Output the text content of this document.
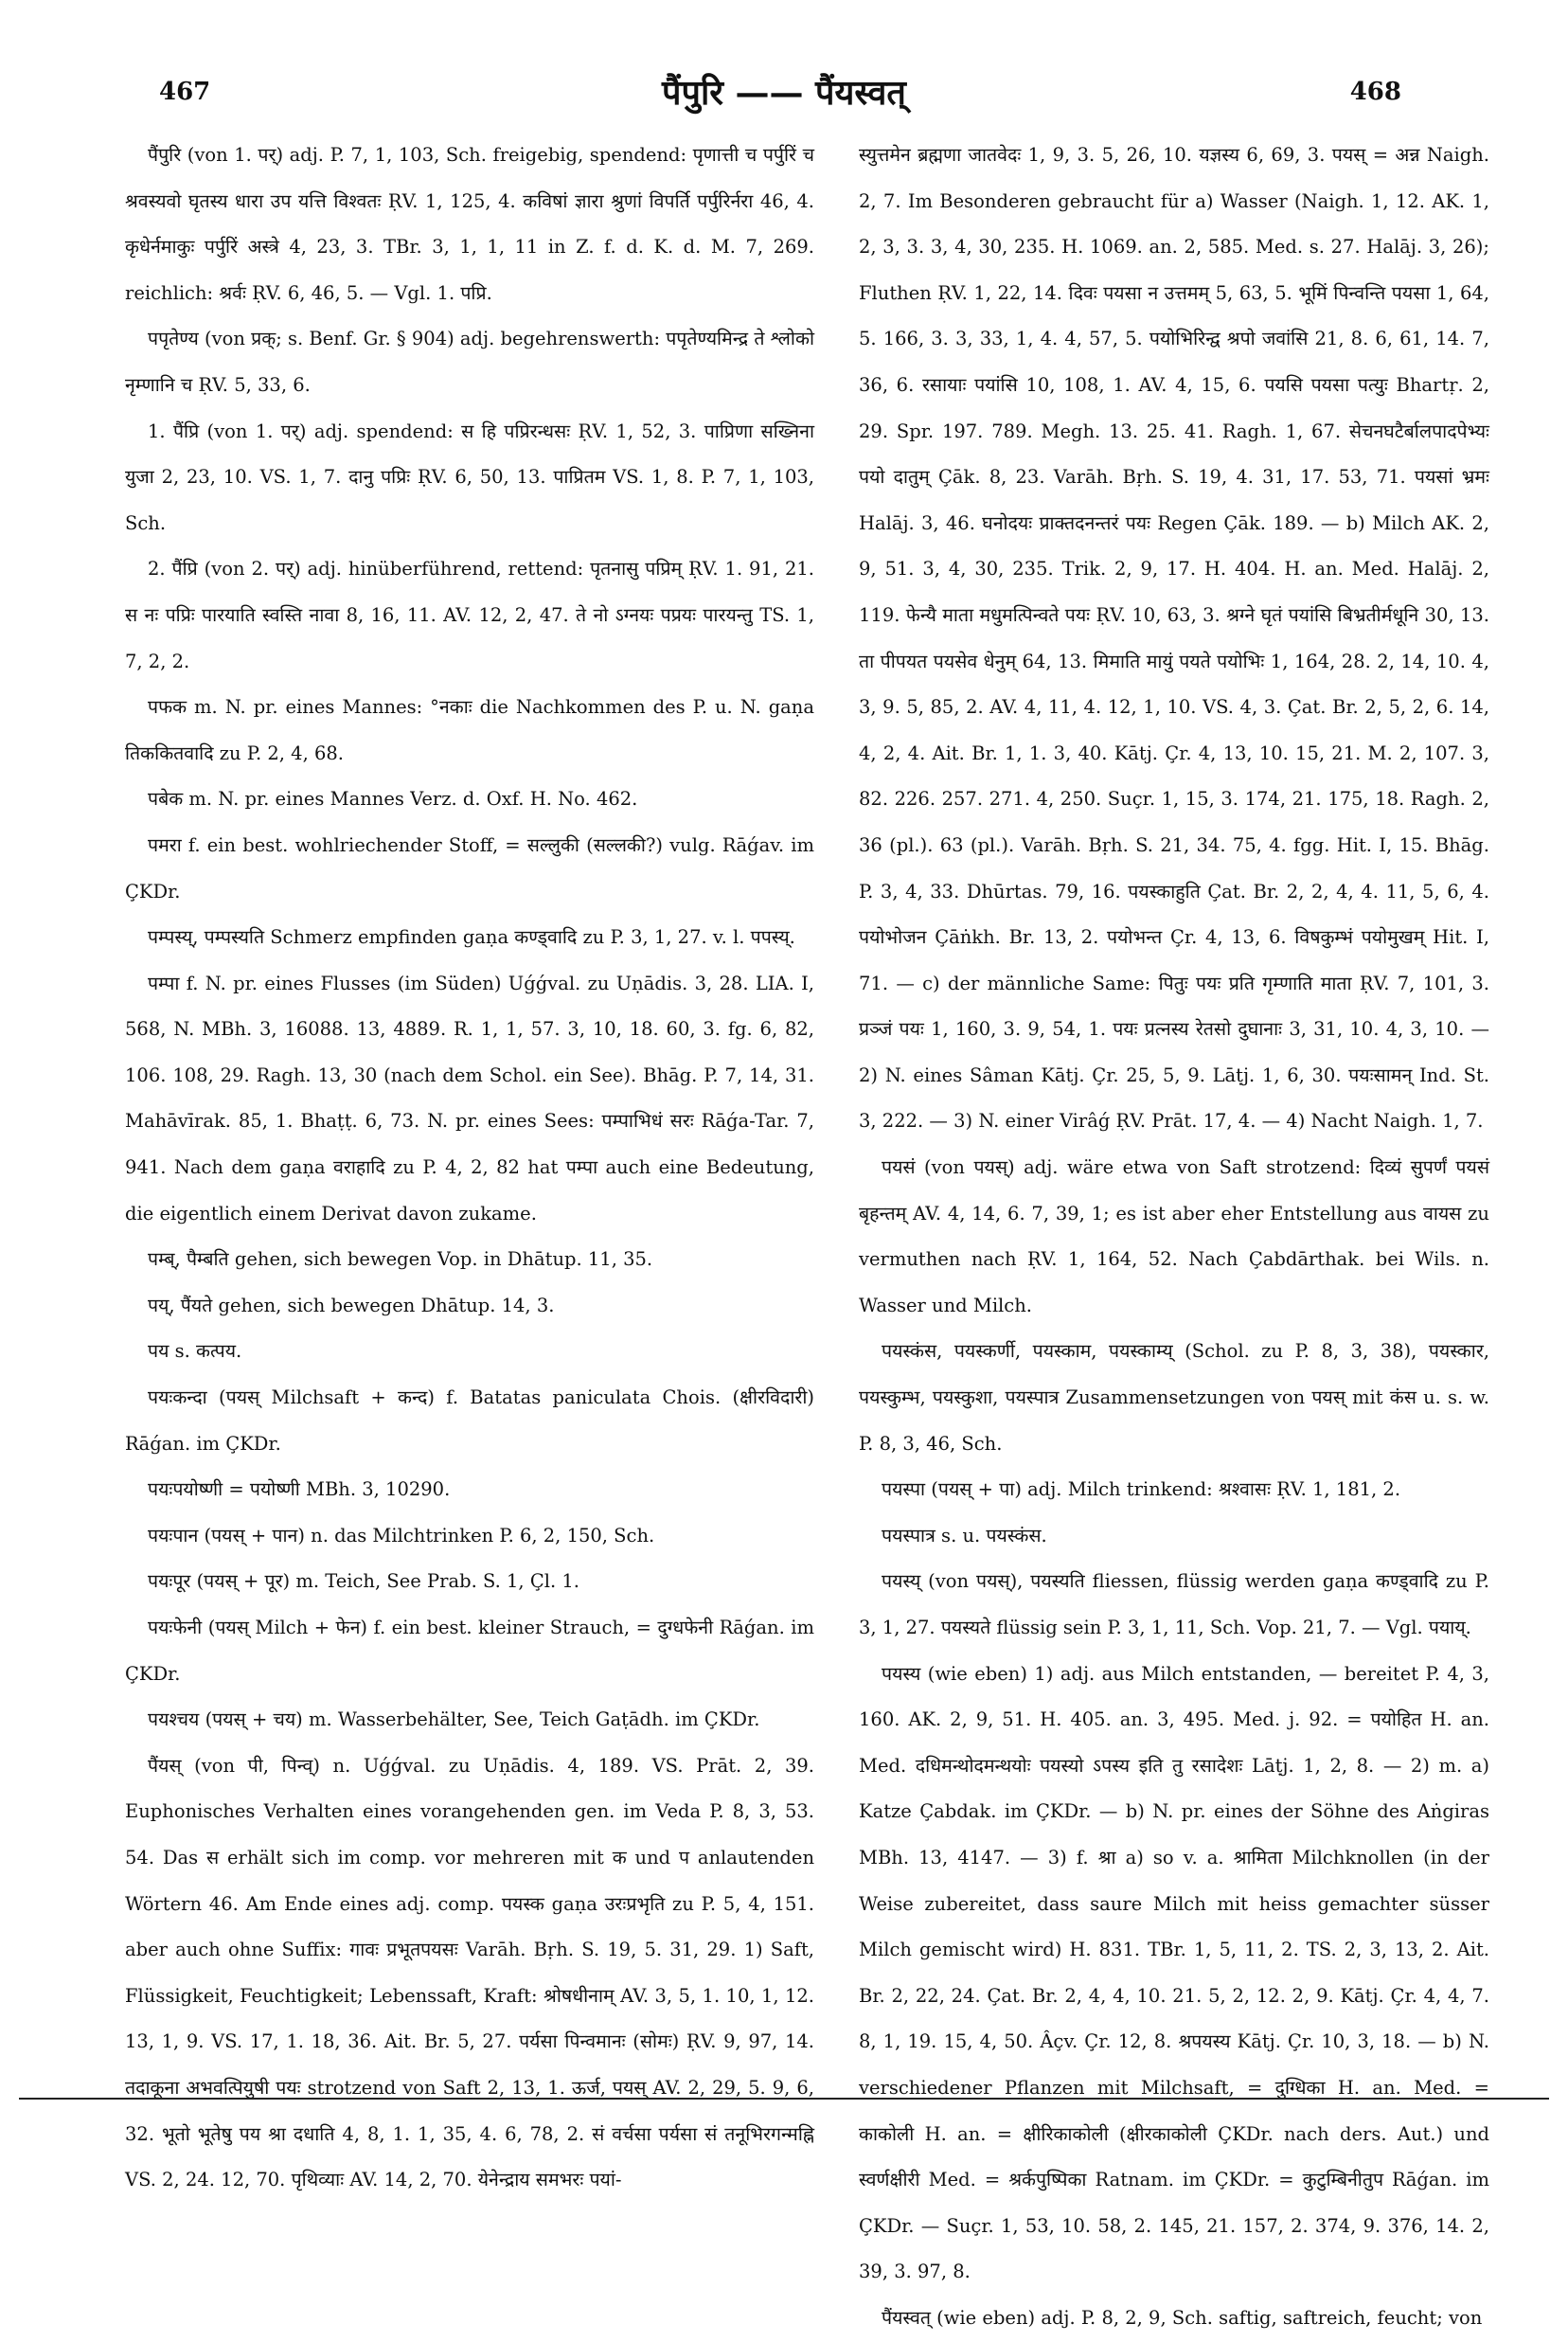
467	पैंपुरि —— पैंयस्वत्	468

पैंपुरि (von 1. पर्) adj. P. 7, 1, 103, Sch. freigebig, spendend: पृणात्ती च पर्पुरिं च श्रवस्यवो घृतस्य धारा उप यत्ति विश्वतः ṚV. 1, 125, 4. कविषां ज्ञारा श्रुणां विपर्ति पर्पुरिर्नरा 46, 4. कृधेर्नमाकुः पर्पुरिं अस्त्रे 4, 23, 3. TBr. 3, 1, 1, 11 in Z. f. d. K. d. M. 7, 269. reichlich: श्रर्वः ṚV. 6, 46, 5. — Vgl. 1. पप्रि.

पपृतेण्य (von प्रक्; s. Benf. Gr. § 904) adj. begehrenswerth: पपृतेण्यमिन्द्र ते श्लोको नृम्णानि च ṚV. 5, 33, 6.

1. पैंप्रि (von 1. पर्) adj. spendend: स हि पप्रिरन्धसः ṚV. 1, 52, 3. पाप्रिणा सख्निना युजा 2, 23, 10. VS. 1, 7. दानु पप्रिः ṚV. 6, 50, 13. पाप्रितम VS. 1, 8. P. 7, 1, 103, Sch.

2. पैंप्रि (von 2. पर्) adj. hinüberführend, rettend: पृतनासु पप्रिम् ṚV. 1. 91, 21. स नः पप्रिः पारयाति स्वस्ति नावा 8, 16, 11. AV. 12, 2, 47. ते नो ऽग्नयः पप्रयः पारयन्तु TS. 1, 7, 2, 2.

पफक m. N. pr. eines Mannes: °नकाः die Nachkommen des P. u. N. gaṇa तिककितवादि zu P. 2, 4, 68.

पबेक m. N. pr. eines Mannes Verz. d. Oxf. H. No. 462.

पमरा f. ein best. wohlriechender Stoff, = सल्लुकी (सल्लकी?) vulg. Rāǵav. im ÇKDr.

पम्पस्य्, पम्पस्यति Schmerz empfinden gaṇa कण्ड्वादि zu P. 3, 1, 27. v. l. पपस्य्.

पम्पा f. N. pr. eines Flusses (im Süden) Uǵǵval. zu Uṇādis. 3, 28. LIA. I, 568, N. MBh. 3, 16088. 13, 4889. R. 1, 1, 57. 3, 10, 18. 60, 3. fg. 6, 82, 106. 108, 29. Ragh. 13, 30 (nach dem Schol. ein See). Bhāg. P. 7, 14, 31. Mahāvīrak. 85, 1. Bhaṭṭ. 6, 73. N. pr. eines Sees: पम्पाभिधं सरः Rāǵa-Tar. 7, 941. Nach dem gaṇa वराहादि zu P. 4, 2, 82 hat पम्पा auch eine Bedeutung, die eigentlich einem Derivat davon zukame.

पम्ब्, पैम्बति gehen, sich bewegen Vop. in Dhātup. 11, 35.

पय्, पैंयते gehen, sich bewegen Dhātup. 14, 3.

पय s. कत्पय.

पयःकन्दा (पयस् Milchsaft + कन्द) f. Batatas paniculata Chois. (क्षीरविदारी) Rāǵan. im ÇKDr.

पयःपयोष्णी = पयोष्णी MBh. 3, 10290.

पयःपान (पयस् + पान) n. das Milchtrinken P. 6, 2, 150, Sch.

पयःपूर (पयस् + पूर) m. Teich, See Prab. S. 1, Çl. 1.

पयःफेनी (पयस् Milch + फेन) f. ein best. kleiner Strauch, = दुग्धफेनी Rāǵan. im ÇKDr.

पयश्चय (पयस् + चय) m. Wasserbehälter, See, Teich Gaṭādh. im ÇKDr.

पैंयस् (von पी, पिन्व्) n. Uǵǵval. zu Uṇādis. 4, 189. VS. Prāt. 2, 39. Euphonisches Verhalten eines vorangehenden gen. im Veda P. 8, 3, 53. 54. Das स erhält sich im comp. vor mehreren mit क und प anlautenden Wörtern 46. Am Ende eines adj. comp. पयस्क gaṇa उरःप्रभृति zu P. 5, 4, 151. aber auch ohne Suffix: गावः प्रभूतपयसः Varāh. Bṛh. S. 19, 5. 31, 29. 1) Saft, Flüssigkeit, Feuchtigkeit; Lebenssaft, Kraft: श्रोषधीनाम् AV. 3, 5, 1. 10, 1, 12. 13, 1, 9. VS. 17, 1. 18, 36. Ait. Br. 5, 27. पर्यसा पिन्वमानः (सोमः) ṚV. 9, 97, 14. तदाकूना अभवत्पियुषी पयः strotzend von Saft 2, 13, 1. ऊर्ज, पयस् AV. 2, 29, 5. 9, 6, 32. भूतो भूतेषु पय श्रा दधाति 4, 8, 1. 1, 35, 4. 6, 78, 2. सं वर्चसा पर्यसा सं तनूभिरगन्मह्नि VS. 2, 24. 12, 70. पृथिव्याः AV. 14, 2, 70. येनेन्द्राय समभरः पयां-

स्युत्तमेन ब्रह्मणा जातवेदः 1, 9, 3. 5, 26, 10. यज्ञस्य 6, 69, 3. पयस् = अन्न Naigh. 2, 7. Im Besonderen gebraucht für a) Wasser (Naigh. 1, 12. AK. 1, 2, 3, 3. 3, 4, 30, 235. H. 1069. an. 2, 585. Med. s. 27. Halāj. 3, 26); Fluthen ṚV. 1, 22, 14. दिवः पयसा न उत्तमम् 5, 63, 5. भूमिं पिन्वन्ति पयसा 1, 64, 5. 166, 3. 3, 33, 1, 4. 4, 57, 5. पयोभिरिन्द्व श्रपो जवांसि 21, 8. 6, 61, 14. 7, 36, 6. रसायाः पयांसि 10, 108, 1. AV. 4, 15, 6. पयसि पयसा पत्युः Bhartṛ. 2, 29. Spr. 197. 789. Megh. 13. 25. 41. Ragh. 1, 67. सेचनघटैर्बालपादपेभ्यः पयो दातुम् Çāk. 8, 23. Varāh. Bṛh. S. 19, 4. 31, 17. 53, 71. पयसां भ्रमः Halāj. 3, 46. घनोदयः प्राक्तदनन्तरं पयः Regen Çāk. 189. — b) Milch AK. 2, 9, 51. 3, 4, 30, 235. Trik. 2, 9, 17. H. 404. H. an. Med. Halāj. 2, 119. फेन्यै माता मधुमत्पिन्वते पयः ṚV. 10, 63, 3. श्रग्ने घृतं पयांसि बिभ्रतीर्मधूनि 30, 13. ता पीपयत पयसेव धेनुम् 64, 13. मिमाति मायुं पयते पयोभिः 1, 164, 28. 2, 14, 10. 4, 3, 9. 5, 85, 2. AV. 4, 11, 4. 12, 1, 10. VS. 4, 3. Çat. Br. 2, 5, 2, 6. 14, 4, 2, 4. Ait. Br. 1, 1. 3, 40. Kātj. Çr. 4, 13, 10. 15, 21. M. 2, 107. 3, 82. 226. 257. 271. 4, 250. Suçr. 1, 15, 3. 174, 21. 175, 18. Ragh. 2, 36 (pl.). 63 (pl.). Varāh. Bṛh. S. 21, 34. 75, 4. fgg. Hit. I, 15. Bhāg. P. 3, 4, 33. Dhūrtas. 79, 16. पयस्काहुति Çat. Br. 2, 2, 4, 4. 11, 5, 6, 4. पयोभोजन Çāṅkh. Br. 13, 2. पयोभन्त Çr. 4, 13, 6. विषकुम्भं पयोमुखम् Hit. I, 71. — c) der männliche Same: पितुः पयः प्रति गृम्णाति माता ṚV. 7, 101, 3. प्रञ्जं पयः 1, 160, 3. 9, 54, 1. पयः प्रत्नस्य रेतसो दुघानाः 3, 31, 10. 4, 3, 10. — 2) N. eines Sâman Kātj. Çr. 25, 5, 9. Lāṭj. 1, 6, 30. पयःसामन् Ind. St. 3, 222. — 3) N. einer Virâǵ ṚV. Prāt. 17, 4. — 4) Nacht Naigh. 1, 7.

पयसं (von पयस्) adj. wäre etwa von Saft strotzend: दिव्यं सुपर्णं पयसं बृहन्तम् AV. 4, 14, 6. 7, 39, 1; es ist aber eher Entstellung aus वायस zu vermuthen nach ṚV. 1, 164, 52. Nach Çabdārthak. bei Wils. n. Wasser und Milch.

पयस्कंस, पयस्कर्णी, पयस्काम, पयस्काम्य् (Schol. zu P. 8, 3, 38), पयस्कार, पयस्कुम्भ, पयस्कुशा, पयस्पात्र Zusammensetzungen von पयस् mit कंस u. s. w. P. 8, 3, 46, Sch.

पयस्पा (पयस् + पा) adj. Milch trinkend: श्रश्वासः ṚV. 1, 181, 2.

पयस्पात्र s. u. पयस्कंस.

पयस्य् (von पयस्), पयस्यति fliessen, flüssig werden gaṇa कण्ड्वादि zu P. 3, 1, 27. पयस्यते flüssig sein P. 3, 1, 11, Sch. Vop. 21, 7. — Vgl. पयाय्.

पयस्य (wie eben) 1) adj. aus Milch entstanden, — bereitet P. 4, 3, 160. AK. 2, 9, 51. H. 405. an. 3, 495. Med. j. 92. = पयोहित H. an. Med. दधिमन्थोदमन्थयोः पयस्यो ऽपस्य इति तु रसादेशः Lāṭj. 1, 2, 8. — 2) m. a) Katze Çabdak. im ÇKDr. — b) N. pr. eines der Söhne des Aṅgiras MBh. 13, 4147. — 3) f. श्रा a) so v. a. श्रामिता Milchknollen (in der Weise zubereitet, dass saure Milch mit heiss gemachter süsser Milch gemischt wird) H. 831. TBr. 1, 5, 11, 2. TS. 2, 3, 13, 2. Ait. Br. 2, 22, 24. Çat. Br. 2, 4, 4, 10. 21. 5, 2, 12. 2, 9. Kātj. Çr. 4, 4, 7. 8, 1, 19. 15, 4, 50. Âçv. Çr. 12, 8. श्रपयस्य Kātj. Çr. 10, 3, 18. — b) N. verschiedener Pflanzen mit Milchsaft, = दुग्धिका H. an. Med. = काकोली H. an. = क्षीरिकाकोली (क्षीरकाकोली ÇKDr. nach ders. Aut.) und स्वर्णक्षीरी Med. = श्रर्कपुष्पिका Ratnam. im ÇKDr. = कुटुम्बिनीतुप Rāǵan. im ÇKDr. — Suçr. 1, 53, 10. 58, 2. 145, 21. 157, 2. 374, 9. 376, 14. 2, 39, 3. 97, 8.

पैंयस्वत् (wie eben) adj. P. 8, 2, 9, Sch. saftig, saftreich, feucht; von
